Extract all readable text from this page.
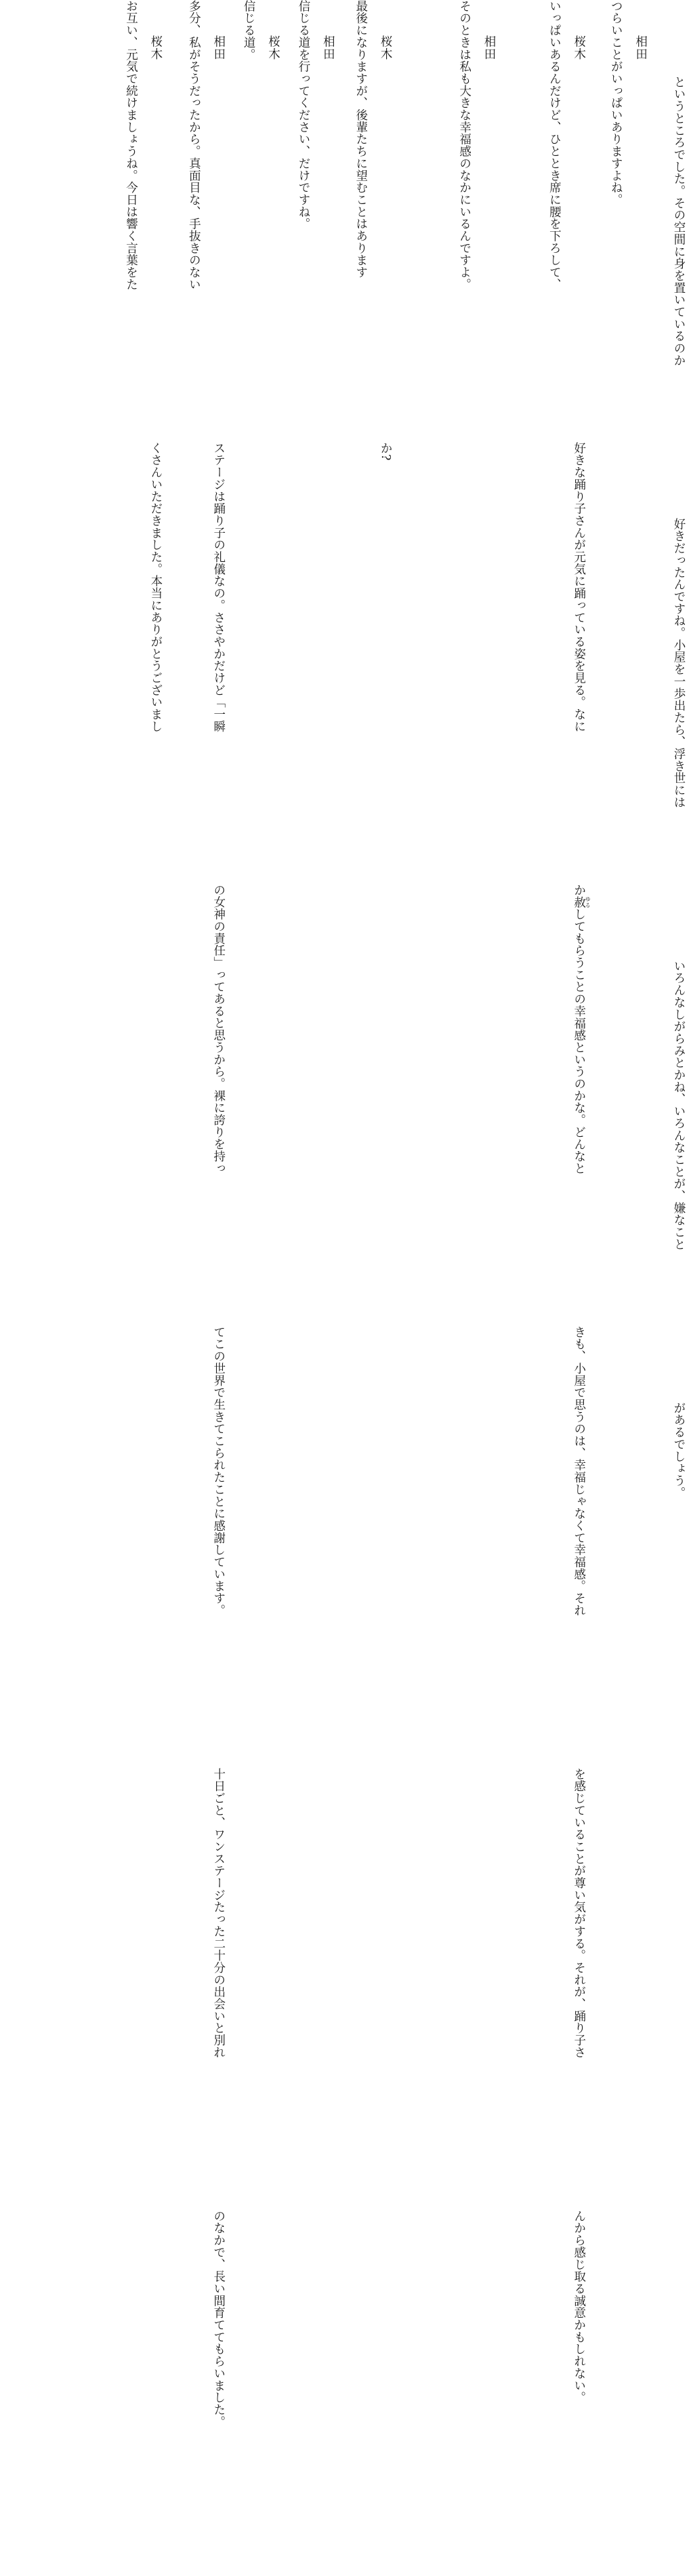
というところでした。その空間に身を置いているのか
好きだったんですね。小屋を一歩出たら、浮き世には
いろんなしがらみとかね、いろんなことが、嫌なこと
があるでしょう。
相田
つらいことがいっぱいありますよね。
桜木
いっぱいあるんだけど、ひととき席に腰を下ろして、
好きな踊り子さんが元気に踊っている姿を見る。なに
か赦ゆるしてもらうことの幸福感というのかな。どんなと
きも、小屋で思うのは、幸福じゃなくて幸福感。それ
を感じていることが尊い気がする。それが、踊り子さ
んから感じ取る誠意かもしれない。
相田
そのときは私も大きな幸福感のなかにいるんですよ。
桜木
最後になりますが、後輩たちに望むことはあります
か?
相田
信じる道を行ってください、だけですね。
桜木
信じる道。
相田
多分、私がそうだったから。真面目な、手抜きのない
ステージは踊り子の礼儀なの。ささやかだけど「一瞬
の女神の責任」ってあると思うから。裸に誇りを持っ
てこの世界で生きてこられたことに感謝しています。
十日ごと、ワンステージたった二十分の出会いと別れ
のなかで、長い間育ててもらいました。
桜木
お互い、元気で続けましょうね。今日は響く言葉をた
くさんいただきました。本当にありがとうございまし
